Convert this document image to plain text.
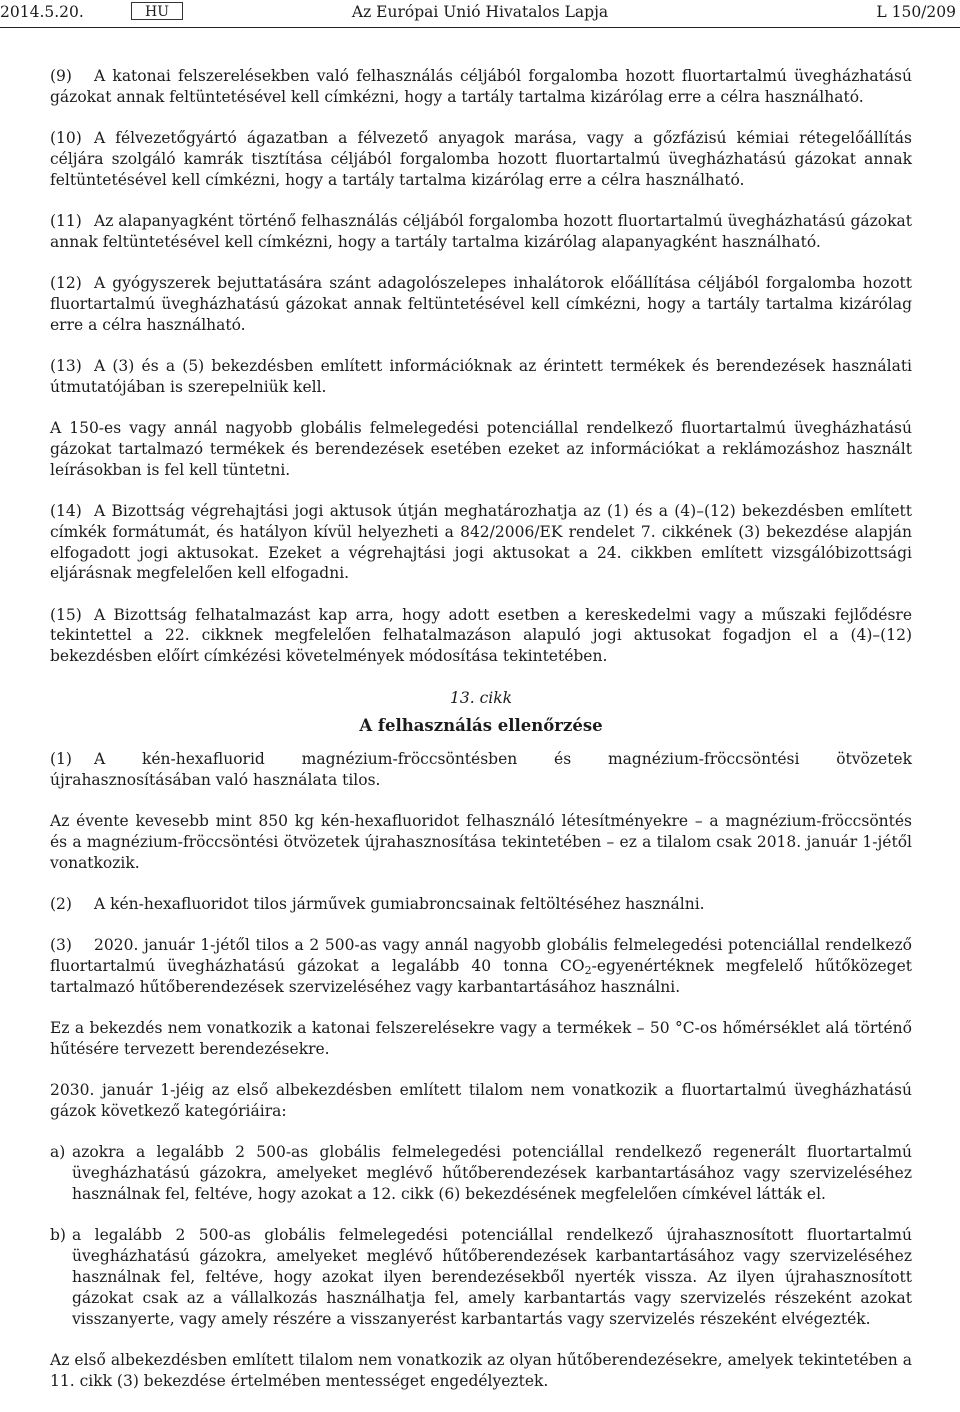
2014.5.20.	HU	Az Európai Unió Hivatalos Lapja	L 150/209
(9) A katonai felszerelésekben való felhasználás céljából forgalomba hozott fluortartalmú üvegházhatású gázokat annak feltüntetésével kell címkézni, hogy a tartály tartalma kizárólag erre a célra használható.
(10) A félvezetőgyártó ágazatban a félvezető anyagok marása, vagy a gőzfázisú kémiai rétegelőállítás céljára szolgáló kamrák tisztítása céljából forgalomba hozott fluortartalmú üvegházhatású gázokat annak feltüntetésével kell címkézni, hogy a tartály tartalma kizárólag erre a célra használható.
(11) Az alapanyagként történő felhasználás céljából forgalomba hozott fluortartalmú üvegházhatású gázokat annak feltüntetésével kell címkézni, hogy a tartály tartalma kizárólag alapanyagként használható.
(12) A gyógyszerek bejuttatására szánt adagolószelepes inhalátorok előállítása céljából forgalomba hozott fluortartalmú üvegházhatású gázokat annak feltüntetésével kell címkézni, hogy a tartály tartalma kizárólag erre a célra használható.
(13) A (3) és a (5) bekezdésben említett információknak az érintett termékek és berendezések használati útmutatójában is szerepelniük kell.
A 150-es vagy annál nagyobb globális felmelegedési potenciállal rendelkező fluortartalmú üvegházhatású gázokat tartalmazó termékek és berendezések esetében ezeket az információkat a reklámozáshoz használt leírásokban is fel kell tüntetni.
(14) A Bizottság végrehajtási jogi aktusok útján meghatározhatja az (1) és a (4)–(12) bekezdésben említett címkék formátumát, és hatályon kívül helyezheti a 842/2006/EK rendelet 7. cikkének (3) bekezdése alapján elfogadott jogi aktusokat. Ezeket a végrehajtási jogi aktusokat a 24. cikkben említett vizsgálóbizottsági eljárásnak megfelelően kell elfogadni.
(15) A Bizottság felhatalmazást kap arra, hogy adott esetben a kereskedelmi vagy a műszaki fejlődésre tekintettel a 22. cikknek megfelelően felhatalmazáson alapuló jogi aktusokat fogadjon el a (4)–(12) bekezdésben előírt címkézési követelmények módosítása tekintetében.
13. cikk
A felhasználás ellenőrzése
(1) A kén-hexafluorid magnézium-fröccsöntésben és magnézium-fröccsöntési ötvözetek újrahasznosításában való használata tilos.
Az évente kevesebb mint 850 kg kén-hexafluoridot felhasználó létesítményekre – a magnézium-fröccsöntés és a magnézium-fröccsöntési ötvözetek újrahasznosítása tekintetében – ez a tilalom csak 2018. január 1-jétől vonatkozik.
(2) A kén-hexafluoridot tilos járművek gumiabroncsainak feltöltéséhez használni.
(3) 2020. január 1-jétől tilos a 2 500-as vagy annál nagyobb globális felmelegedési potenciállal rendelkező fluortartalmú üvegházhatású gázokat a legalább 40 tonna $CO_2$-egyenértéknek megfelelő hűtőközeget tartalmazó hűtőberendezések szervizeléséhez vagy karbantartásához használni.
Ez a bekezdés nem vonatkozik a katonai felszerelésekre vagy a termékek – 50 °C-os hőmérséklet alá történő hűtésére tervezett berendezésekre.
2030. január 1-jéig az első albekezdésben említett tilalom nem vonatkozik a fluortartalmú üvegházhatású gázok következő kategóriáira:
a) azokra a legalább 2 500-as globális felmelegedési potenciállal rendelkező regenerált fluortartalmú üvegházhatású gázokra, amelyeket meglévő hűtőberendezések karbantartásához vagy szervizeléséhez használnak fel, feltéve, hogy azokat a 12. cikk (6) bekezdésének megfelelően címkével látták el.
b) a legalább 2 500-as globális felmelegedési potenciállal rendelkező újrahasznosított fluortartalmú üvegházhatású gázokra, amelyeket meglévő hűtőberendezések karbantartásához vagy szervizeléséhez használnak fel, feltéve, hogy azokat ilyen berendezésekből nyerték vissza. Az ilyen újrahasznosított gázokat csak az a vállalkozás használhatja fel, amely karbantartás vagy szervizelés részeként azokat visszanyerte, vagy amely részére a visszanyerést karbantartás vagy szervizelés részeként elvégezték.
Az első albekezdésben említett tilalom nem vonatkozik az olyan hűtőberendezésekre, amelyek tekintetében a 11. cikk (3) bekezdése értelmében mentességet engedélyeztek.
